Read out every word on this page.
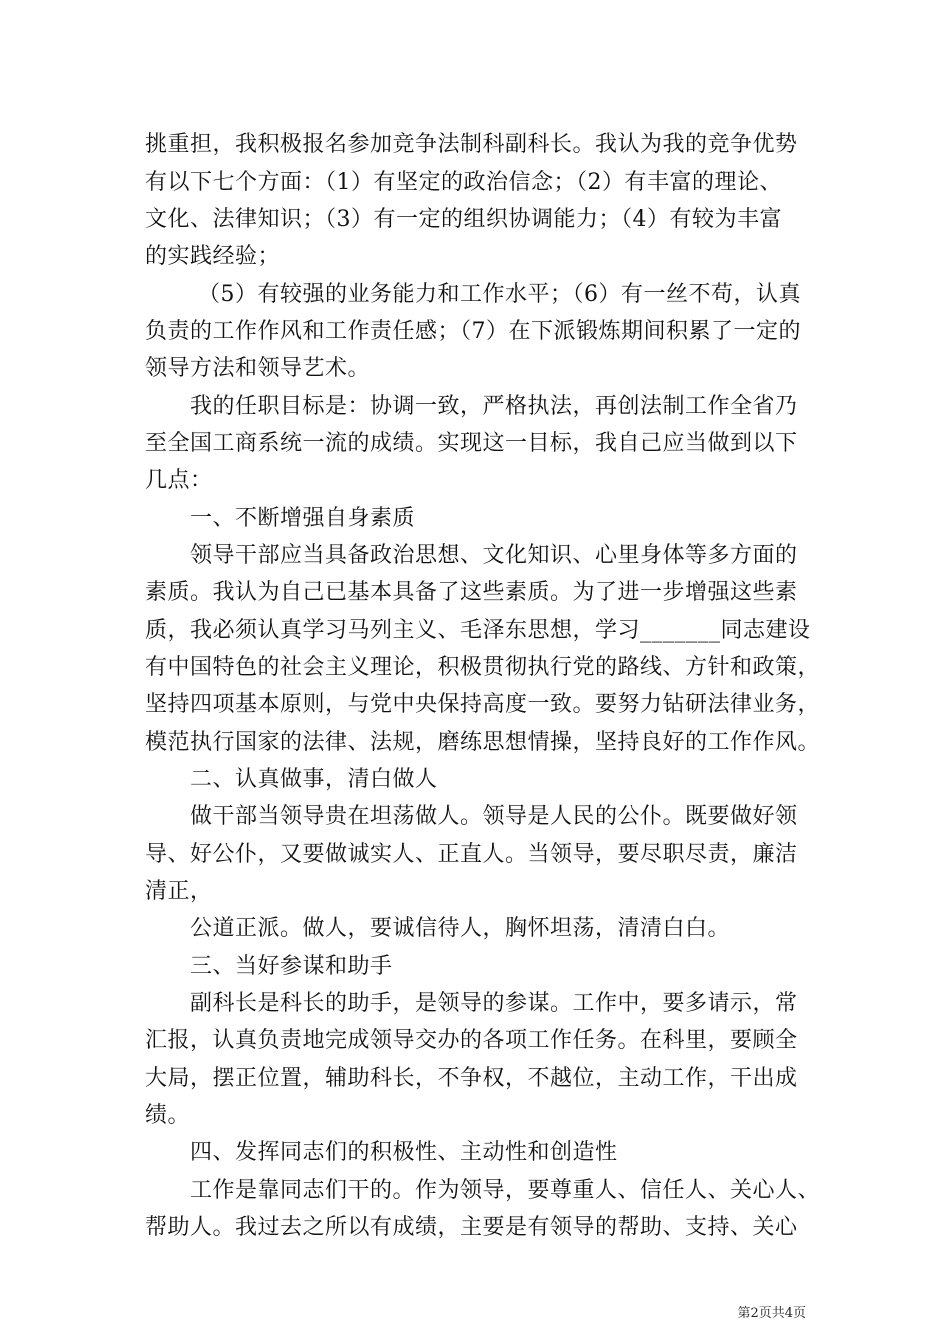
挑重担，我积极报名参加竞争法制科副科长。我认为我的竞争优势
有以下七个方面：（1）有坚定的政治信念；（2）有丰富的理论、
文化、法律知识；（3）有一定的组织协调能力；（4）有较为丰富
的实践经验；
（5）有较强的业务能力和工作水平；（6）有一丝不苟，认真
负责的工作作风和工作责任感；（7）在下派锻炼期间积累了一定的
领导方法和领导艺术。
我的任职目标是：协调一致，严格执法，再创法制工作全省乃
至全国工商系统一流的成绩。实现这一目标，我自己应当做到以下
几点：
一、不断增强自身素质
领导干部应当具备政治思想、文化知识、心里身体等多方面的
素质。我认为自己已基本具备了这些素质。为了进一步增强这些素
质，我必须认真学习马列主义、毛泽东思想，学习_______同志建设
有中国特色的社会主义理论，积极贯彻执行党的路线、方针和政策，
坚持四项基本原则，与党中央保持高度一致。要努力钻研法律业务，
模范执行国家的法律、法规，磨练思想情操，坚持良好的工作作风。
二、认真做事，清白做人
做干部当领导贵在坦荡做人。领导是人民的公仆。既要做好领
导、好公仆，又要做诚实人、正直人。当领导，要尽职尽责，廉洁
清正，
公道正派。做人，要诚信待人，胸怀坦荡，清清白白。
三、当好参谋和助手
副科长是科长的助手，是领导的参谋。工作中，要多请示，常
汇报，认真负责地完成领导交办的各项工作任务。在科里，要顾全
大局，摆正位置，辅助科长，不争权，不越位，主动工作，干出成
绩。
四、发挥同志们的积极性、主动性和创造性
工作是靠同志们干的。作为领导，要尊重人、信任人、关心人、
帮助人。我过去之所以有成绩，主要是有领导的帮助、支持、关心
第2页共4页
